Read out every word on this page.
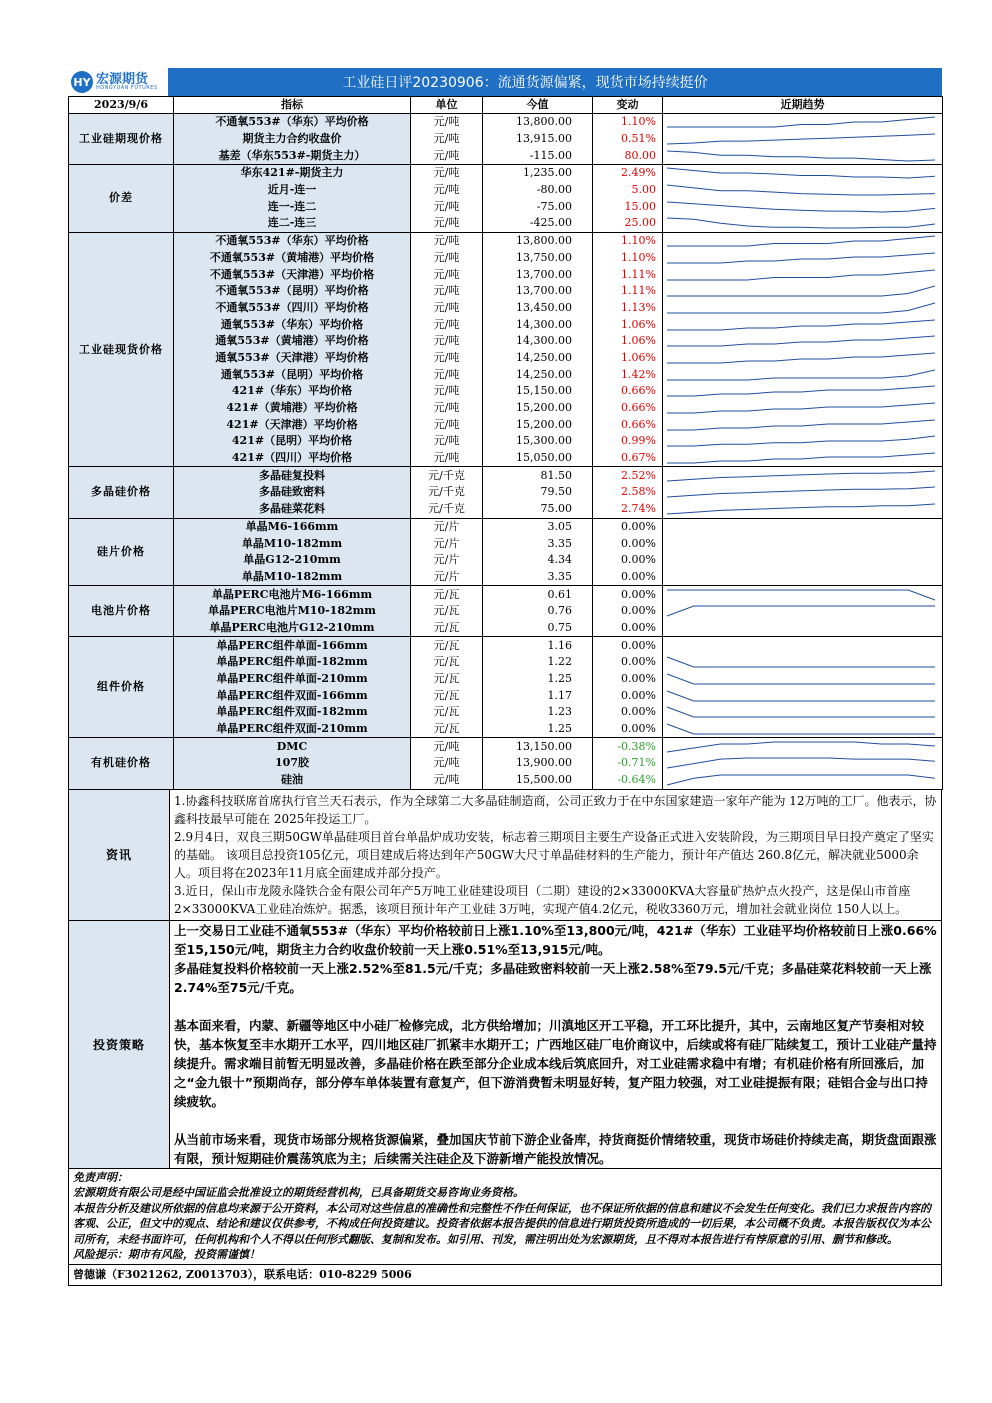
HY 宏源期货
HONGYUAN FUTURES	工业硅日评20230906：流通货源偏紧，现货市场持续挺价
2023/9/6	指标	单位	今值	变动	近期趋势
工业硅期现价格	不通氧553#（华东）平均价格	元/吨	13,800.00	1.10%	

	期货主力合约收盘价	元/吨	13,915.00	0.51%	

	基差（华东553#-期货主力）	元/吨	-115.00	80.00	

价差	华东421#-期货主力	元/吨	1,235.00	2.49%	

	近月-连一	元/吨	-80.00	5.00	

	连一-连二	元/吨	-75.00	15.00	

	连二-连三	元/吨	-425.00	25.00	

工业硅现货价格	不通氧553#（华东）平均价格	元/吨	13,800.00	1.10%	

	不通氧553#（黄埔港）平均价格	元/吨	13,750.00	1.10%	

	不通氧553#（天津港）平均价格	元/吨	13,700.00	1.11%	

	不通氧553#（昆明）平均价格	元/吨	13,700.00	1.11%	

	不通氧553#（四川）平均价格	元/吨	13,450.00	1.13%	

	通氧553#（华东）平均价格	元/吨	14,300.00	1.06%	

	通氧553#（黄埔港）平均价格	元/吨	14,300.00	1.06%	

	通氧553#（天津港）平均价格	元/吨	14,250.00	1.06%	

	通氧553#（昆明）平均价格	元/吨	14,250.00	1.42%	

	421#（华东）平均价格	元/吨	15,150.00	0.66%	

	421#（黄埔港）平均价格	元/吨	15,200.00	0.66%	

	421#（天津港）平均价格	元/吨	15,200.00	0.66%	

	421#（昆明）平均价格	元/吨	15,300.00	0.99%	

	421#（四川）平均价格	元/吨	15,050.00	0.67%	

多晶硅价格	多晶硅复投料	元/千克	81.50	2.52%	

	多晶硅致密料	元/千克	79.50	2.58%	

	多晶硅菜花料	元/千克	75.00	2.74%	

硅片价格	单晶M6-166mm	元/片	3.05	0.00%	

	单晶M10-182mm	元/片	3.35	0.00%	

	单晶G12-210mm	元/片	4.34	0.00%	

	单晶M10-182mm	元/片	3.35	0.00%	

电池片价格	单晶PERC电池片M6-166mm	元/瓦	0.61	0.00%	

	单晶PERC电池片M10-182mm	元/瓦	0.76	0.00%	

	单晶PERC电池片G12-210mm	元/瓦	0.75	0.00%	

组件价格	单晶PERC组件单面-166mm	元/瓦	1.16	0.00%	

	单晶PERC组件单面-182mm	元/瓦	1.22	0.00%	

	单晶PERC组件单面-210mm	元/瓦	1.25	0.00%	

	单晶PERC组件双面-166mm	元/瓦	1.17	0.00%	

	单晶PERC组件双面-182mm	元/瓦	1.23	0.00%	

	单晶PERC组件双面-210mm	元/瓦	1.25	0.00%	

有机硅价格	DMC	元/吨	13,150.00	-0.38%	

	107胶	元/吨	13,900.00	-0.71%	

	硅油	元/吨	15,500.00	-0.64%	
资讯

1.协鑫科技联席首席执行官兰天石表示，作为全球第二大多晶硅制造商，公司正致力于在中东国家建造一家年产能为 12万吨的工厂。他表示，协鑫科技最早可能在 2025年投运工厂。

2.9月4日，双良三期50GW单晶硅项目首台单晶炉成功安装，标志着三期项目主要生产设备正式进入安装阶段，为三期项目早日投产奠定了坚实的基础。 该项目总投资105亿元，项目建成后将达到年产50GW大尺寸单晶硅材料的生产能力，预计年产值达 260.8亿元，解决就业5000余人。项目将在2023年11月底全面建成并部分投产。

3.近日，保山市龙陵永隆铁合金有限公司年产5万吨工业硅建设项目（二期）建设的2×33000KVA大容量矿热炉点火投产，这是保山市首座2×33000KVA工业硅冶炼炉。据悉，该项目预计年产工业硅 3万吨，实现产值4.2亿元，税收3360万元，增加社会就业岗位 150人以上。

投资策略

上一交易日工业硅不通氧553#（华东）平均价格较前日上涨1.10%至13,800元/吨，421#（华东）工业硅平均价格较前日上涨0.66%至15,150元/吨，期货主力合约收盘价较前一天上涨0.51%至13,915元/吨。

多晶硅复投料价格较前一天上涨2.52%至81.5元/千克；多晶硅致密料较前一天上涨2.58%至79.5元/千克；多晶硅菜花料较前一天上涨2.74%至75元/千克。

基本面来看，内蒙、新疆等地区中小硅厂检修完成，北方供给增加；川滇地区开工平稳，开工环比提升，其中，云南地区复产节奏相对较快，基本恢复至丰水期开工水平，四川地区硅厂抓紧丰水期开工；广西地区硅厂电价商议中，后续或将有硅厂陆续复工，预计工业硅产量持续提升。需求端目前暂无明显改善，多晶硅价格在跌至部分企业成本线后筑底回升，对工业硅需求稳中有增；有机硅价格有所回涨后，加之“金九银十”预期尚存，部分停车单体装置有意复产，但下游消费暂未明显好转，复产阻力较强，对工业硅提振有限；硅铝合金与出口持续疲软。

从当前市场来看，现货市场部分规格货源偏紧，叠加国庆节前下游企业备库，持货商挺价情绪较重，现货市场硅价持续走高，期货盘面跟涨有限，预计短期硅价震荡筑底为主；后续需关注硅企及下游新增产能投放情况。

免责声明：
宏源期货有限公司是经中国证监会批准设立的期货经营机构，已具备期货交易咨询业务资格。
本报告分析及建议所依据的信息均来源于公开资料，本公司对这些信息的准确性和完整性不作任何保证，也不保证所依据的信息和建议不会发生任何变化。我们已力求报告内容的客观、公正，但文中的观点、结论和建议仅供参考，不构成任何投资建议。投资者依据本报告提供的信息进行期货投资所造成的一切后果，本公司概不负责。本报告版权仅为本公司所有，未经书面许可，任何机构和个人不得以任何形式翻版、复制和发布。如引用、刊发，需注明出处为宏源期货，且不得对本报告进行有悖原意的引用、删节和修改。
风险提示：期市有风险，投资需谨慎！
曾德谦（F3021262, Z0013703），联系电话：010-8229 5006
